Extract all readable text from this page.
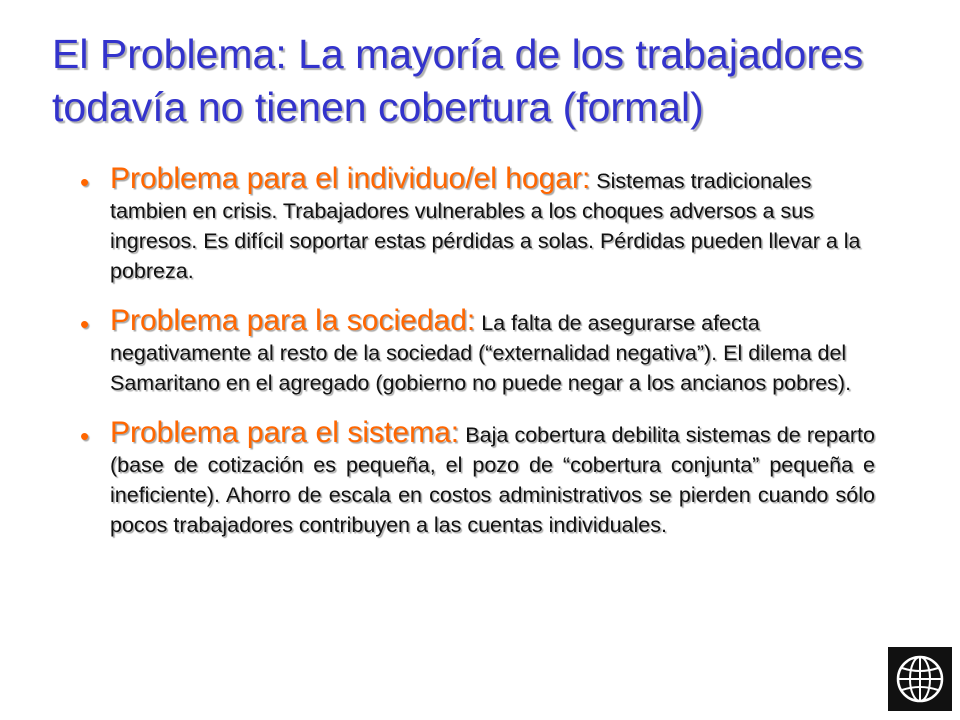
El Problema: La mayoría de los trabajadores todavía no tienen cobertura (formal)
• Problema para el individuo/el hogar: Sistemas tradicionales tambien en crisis. Trabajadores vulnerables a los choques adversos a sus ingresos. Es difícil soportar estas pérdidas a solas. Pérdidas pueden llevar a la pobreza.
• Problema para la sociedad: La falta de asegurarse afecta negativamente al resto de la sociedad (“externalidad negativa”). El dilema del Samaritano en el agregado (gobierno no puede negar a los ancianos pobres).
• Problema para el sistema: Baja cobertura debilita sistemas de reparto (base de cotización es pequeña, el pozo de “cobertura conjunta” pequeña e ineficiente). Ahorro de escala en costos administrativos se pierden cuando sólo pocos trabajadores contribuyen a las cuentas individuales.
